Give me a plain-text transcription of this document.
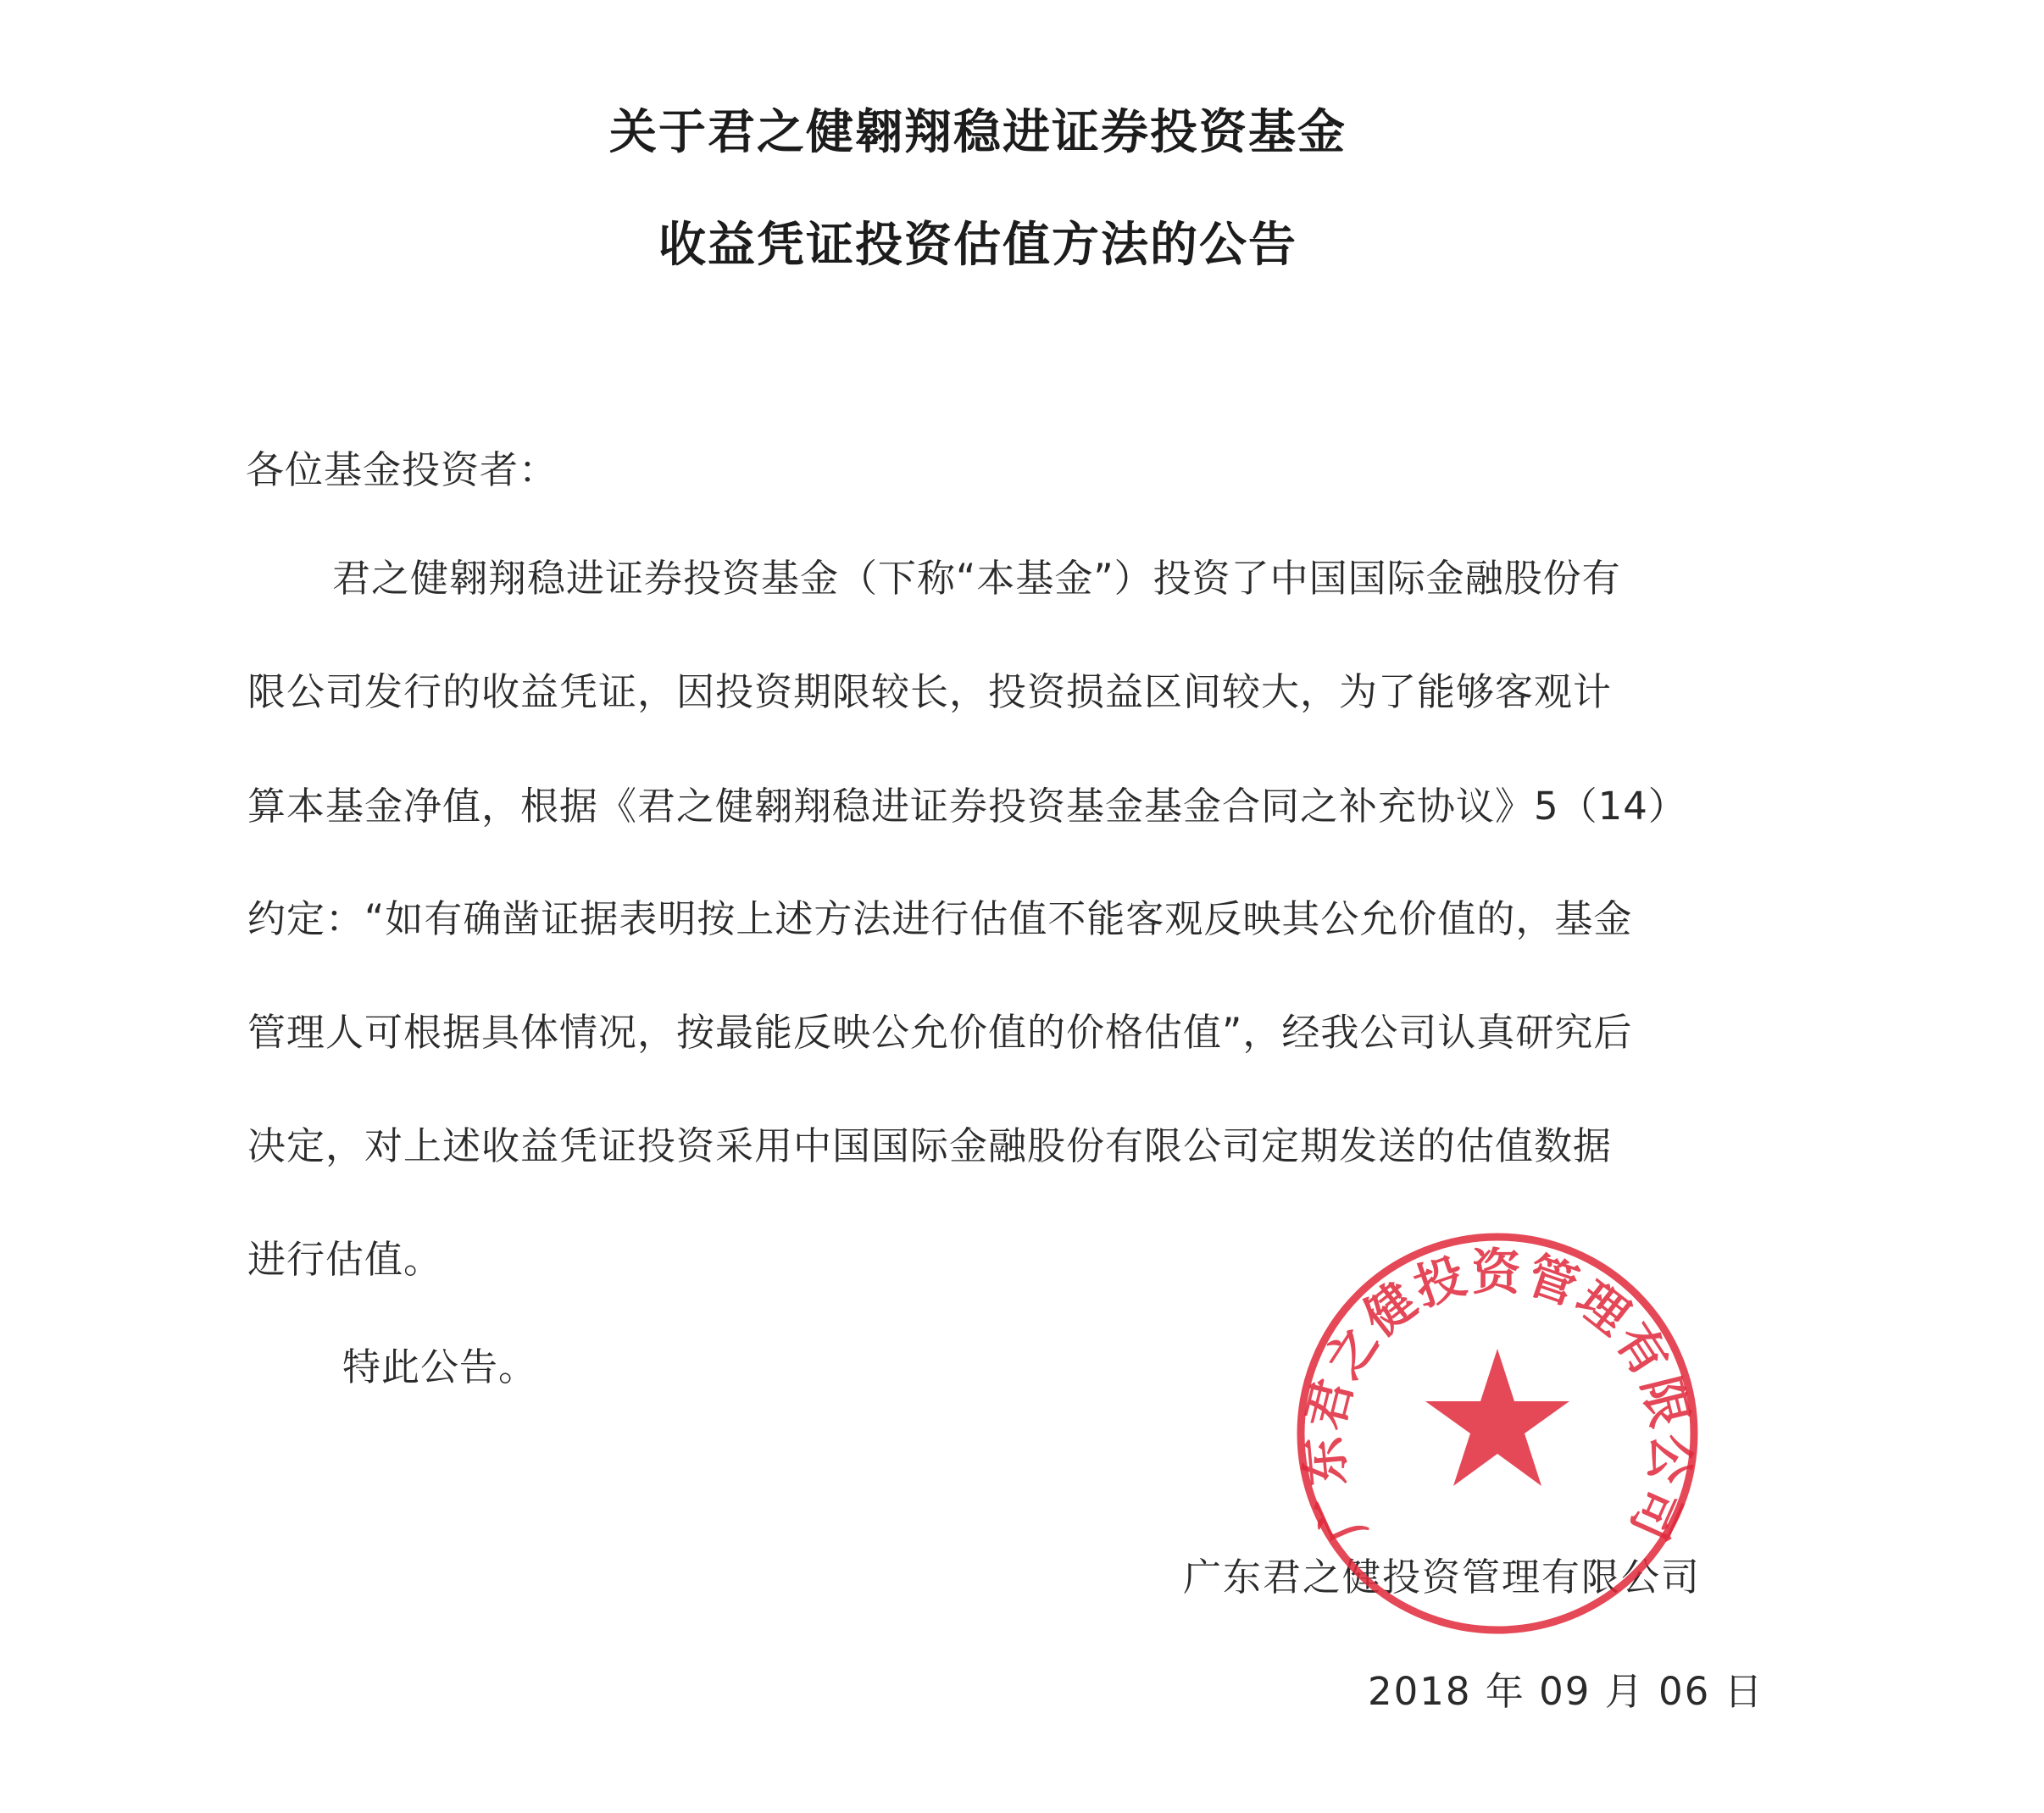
关于君之健翱翔稳进证券投资基金
收益凭证投资估值方法的公告

各位基金投资者：

君之健翱翔稳进证券投资基金（下称“本基金”）投资了中国国际金融股份有

限公司发行的收益凭证，因投资期限较长，投资损益区间较大，为了能够客观计

算本基金净值，根据《君之健翱翔稳进证券投资基金基金合同之补充协议》5（14）

约定：“如有确凿证据表明按上述方法进行估值不能客观反映其公允价值的，基金

管理人可根据具体情况，按最能反映公允价值的价格估值”，经我公司认真研究后

决定，对上述收益凭证投资采用中国国际金融股份有限公司定期发送的估值数据

进行估值。

特此公告。

广东君之健投资管理有限公司

2018 年 09 月 06 日

广东君之健投资管理有限公司
